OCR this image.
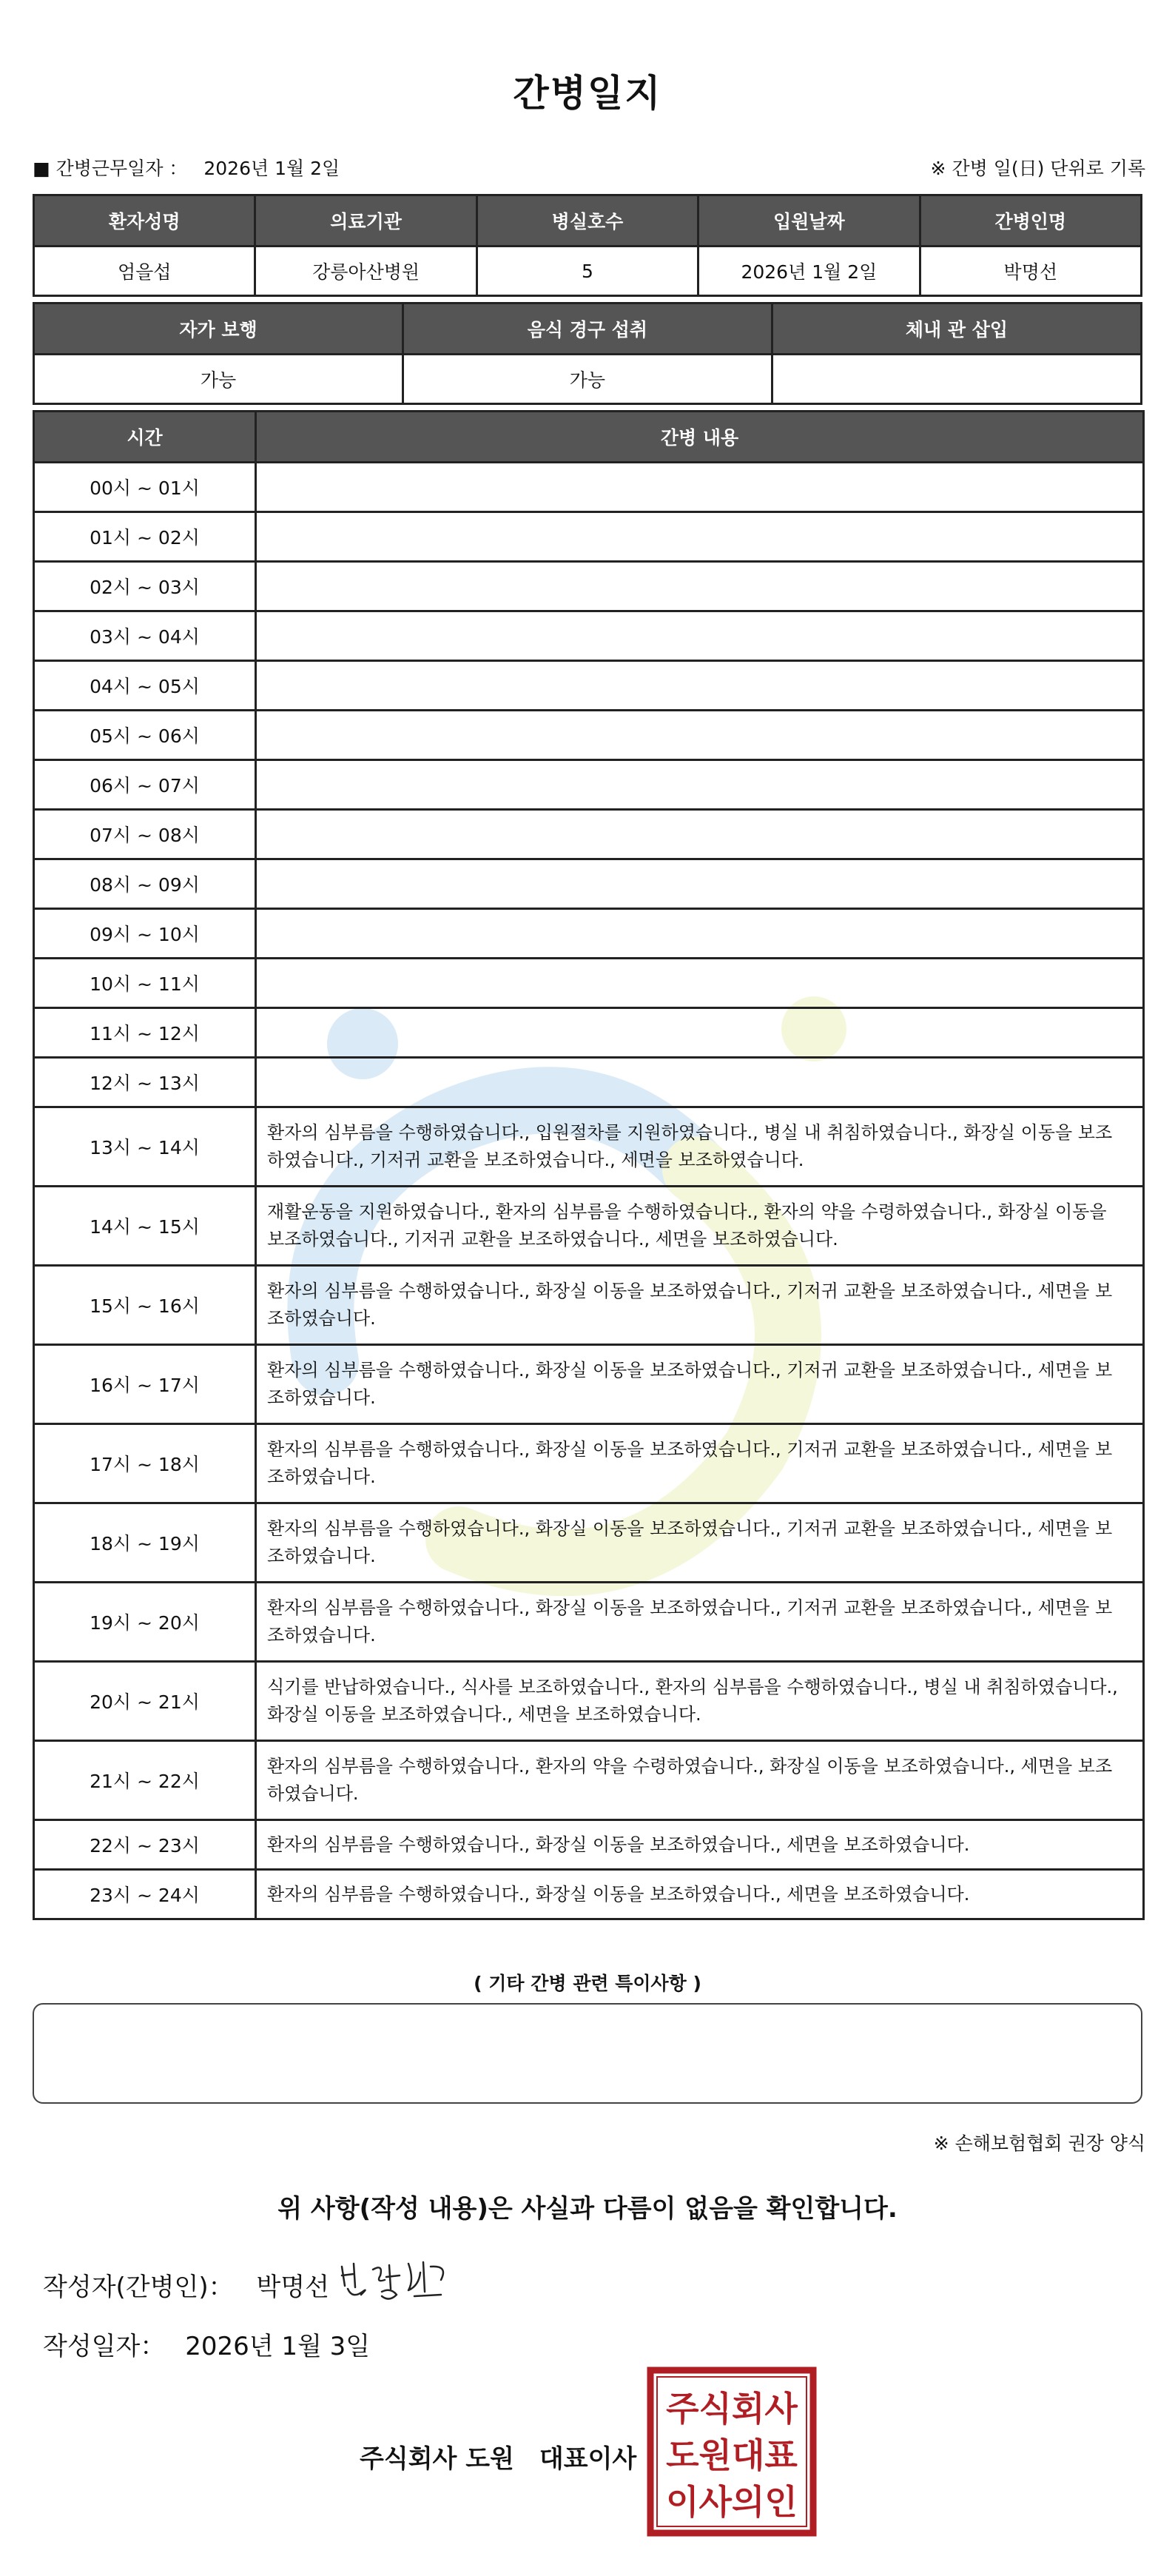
간병일지
■ 간병근무일자 ： 2026년 1월 2일	※ 간병 일(日) 단위로 기록
환자성명	의료기관	병실호수	입원날짜	간병인명
엄을섭	강릉아산병원	5	2026년 1월 2일	박명선
자가 보행	음식 경구 섭취	체내 관 삽입
가능	가능	
시간	간병 내용
00시 ~ 01시	
01시 ~ 02시	
02시 ~ 03시	
03시 ~ 04시	
04시 ~ 05시	
05시 ~ 06시	
06시 ~ 07시	
07시 ~ 08시	
08시 ~ 09시	
09시 ~ 10시	
10시 ~ 11시	
11시 ~ 12시	
12시 ~ 13시	
13시 ~ 14시	환자의 심부름을 수행하였습니다., 입원절차를 지원하였습니다., 병실 내 취침하였습니다., 화장실 이동을 보조하였습니다., 기저귀 교환을 보조하였습니다., 세면을 보조하였습니다.
14시 ~ 15시	재활운동을 지원하였습니다., 환자의 심부름을 수행하였습니다., 환자의 약을 수령하였습니다., 화장실 이동을 보조하였습니다., 기저귀 교환을 보조하였습니다., 세면을 보조하였습니다.
15시 ~ 16시	환자의 심부름을 수행하였습니다., 화장실 이동을 보조하였습니다., 기저귀 교환을 보조하였습니다., 세면을 보조하였습니다.
16시 ~ 17시	환자의 심부름을 수행하였습니다., 화장실 이동을 보조하였습니다., 기저귀 교환을 보조하였습니다., 세면을 보조하였습니다.
17시 ~ 18시	환자의 심부름을 수행하였습니다., 화장실 이동을 보조하였습니다., 기저귀 교환을 보조하였습니다., 세면을 보조하였습니다.
18시 ~ 19시	환자의 심부름을 수행하였습니다., 화장실 이동을 보조하였습니다., 기저귀 교환을 보조하였습니다., 세면을 보조하였습니다.
19시 ~ 20시	환자의 심부름을 수행하였습니다., 화장실 이동을 보조하였습니다., 기저귀 교환을 보조하였습니다., 세면을 보조하였습니다.
20시 ~ 21시	식기를 반납하였습니다., 식사를 보조하였습니다., 환자의 심부름을 수행하였습니다., 병실 내 취침하였습니다., 화장실 이동을 보조하였습니다., 세면을 보조하였습니다.
21시 ~ 22시	환자의 심부름을 수행하였습니다., 환자의 약을 수령하였습니다., 화장실 이동을 보조하였습니다., 세면을 보조하였습니다.
22시 ~ 23시	환자의 심부름을 수행하였습니다., 화장실 이동을 보조하였습니다., 세면을 보조하였습니다.
23시 ~ 24시	환자의 심부름을 수행하였습니다., 화장실 이동을 보조하였습니다., 세면을 보조하였습니다.
( 기타 간병 관련 특이사항 )
※ 손해보험협회 권장 양식
위 사항(작성 내용)은 사실과 다름이 없음을 확인합니다.
작성자(간병인)： 박명선
작성일자： 2026년 1월 3일
주식회사 도원　대표이사
주식회사
도원대표
이사의인
